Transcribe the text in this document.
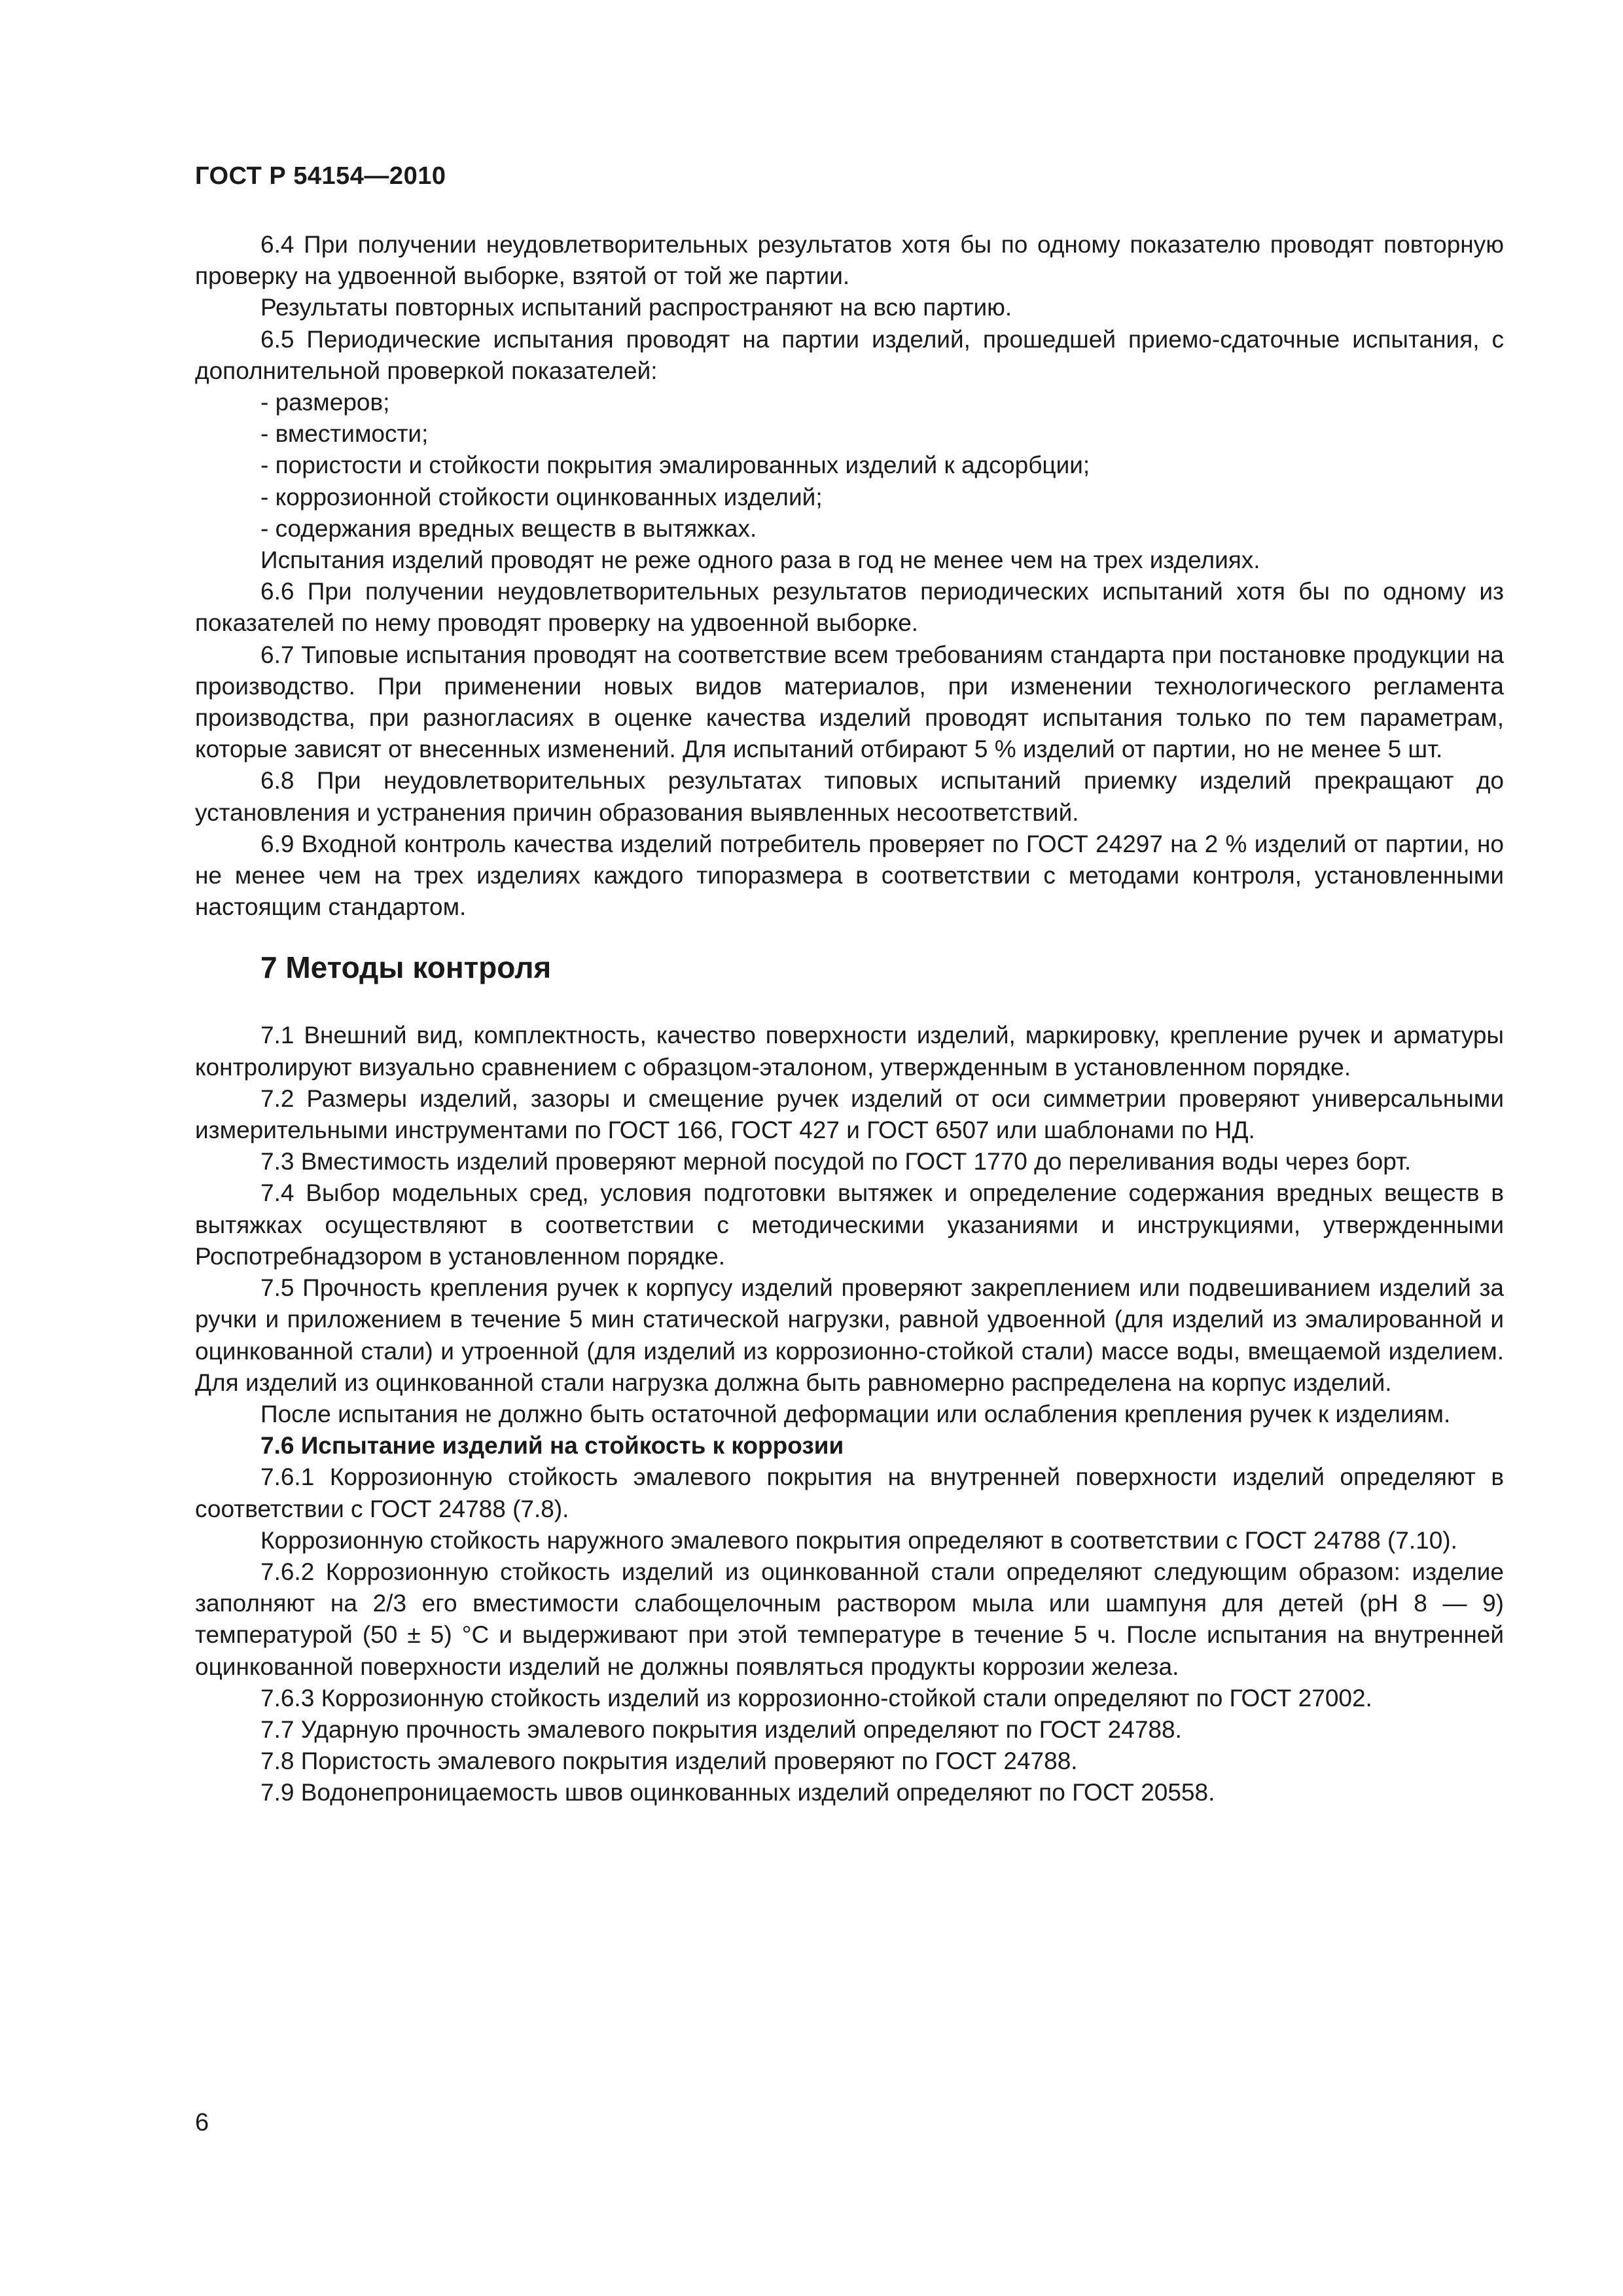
ГОСТ Р 54154—2010
6.4 При получении неудовлетворительных результатов хотя бы по одному показателю проводят повторную проверку на удвоенной выборке, взятой от той же партии.
Результаты повторных испытаний распространяют на всю партию.
6.5 Периодические испытания проводят на партии изделий, прошедшей приемо-сдаточные испытания, с дополнительной проверкой показателей:
- размеров;
- вместимости;
- пористости и стойкости покрытия эмалированных изделий к адсорбции;
- коррозионной стойкости оцинкованных изделий;
- содержания вредных веществ в вытяжках.
Испытания изделий проводят не реже одного раза в год не менее чем на трех изделиях.
6.6 При получении неудовлетворительных результатов периодических испытаний хотя бы по одному из показателей по нему проводят проверку на удвоенной выборке.
6.7 Типовые испытания проводят на соответствие всем требованиям стандарта при постановке продукции на производство. При применении новых видов материалов, при изменении технологического регламента производства, при разногласиях в оценке качества изделий проводят испытания только по тем параметрам, которые зависят от внесенных изменений. Для испытаний отбирают 5 % изделий от партии, но не менее 5 шт.
6.8 При неудовлетворительных результатах типовых испытаний приемку изделий прекращают до установления и устранения причин образования выявленных несоответствий.
6.9 Входной контроль качества изделий потребитель проверяет по ГОСТ 24297 на 2 % изделий от партии, но не менее чем на трех изделиях каждого типоразмера в соответствии с методами контроля, установленными настоящим стандартом.
7 Методы контроля
7.1 Внешний вид, комплектность, качество поверхности изделий, маркировку, крепление ручек и арматуры контролируют визуально сравнением с образцом-эталоном, утвержденным в установленном порядке.
7.2 Размеры изделий, зазоры и смещение ручек изделий от оси симметрии проверяют универсальными измерительными инструментами по ГОСТ 166, ГОСТ 427 и ГОСТ 6507 или шаблонами по НД.
7.3 Вместимость изделий проверяют мерной посудой по ГОСТ 1770 до переливания воды через борт.
7.4 Выбор модельных сред, условия подготовки вытяжек и определение содержания вредных веществ в вытяжках осуществляют в соответствии с методическими указаниями и инструкциями, утвержденными Роспотребнадзором в установленном порядке.
7.5 Прочность крепления ручек к корпусу изделий проверяют закреплением или подвешиванием изделий за ручки и приложением в течение 5 мин статической нагрузки, равной удвоенной (для изделий из эмалированной и оцинкованной стали) и утроенной (для изделий из коррозионно-стойкой стали) массе воды, вмещаемой изделием. Для изделий из оцинкованной стали нагрузка должна быть равномерно распределена на корпус изделий.
После испытания не должно быть остаточной деформации или ослабления крепления ручек к изделиям.
7.6 Испытание изделий на стойкость к коррозии
7.6.1 Коррозионную стойкость эмалевого покрытия на внутренней поверхности изделий определяют в соответствии с ГОСТ 24788 (7.8).
Коррозионную стойкость наружного эмалевого покрытия определяют в соответствии с ГОСТ 24788 (7.10).
7.6.2 Коррозионную стойкость изделий из оцинкованной стали определяют следующим образом: изделие заполняют на 2/3 его вместимости слабощелочным раствором мыла или шампуня для детей (рН 8 — 9) температурой (50 ± 5) °С и выдерживают при этой температуре в течение 5 ч. После испытания на внутренней оцинкованной поверхности изделий не должны появляться продукты коррозии железа.
7.6.3 Коррозионную стойкость изделий из коррозионно-стойкой стали определяют по ГОСТ 27002.
7.7 Ударную прочность эмалевого покрытия изделий определяют по ГОСТ 24788.
7.8 Пористость эмалевого покрытия изделий проверяют по ГОСТ 24788.
7.9 Водонепроницаемость швов оцинкованных изделий определяют по ГОСТ 20558.
6
